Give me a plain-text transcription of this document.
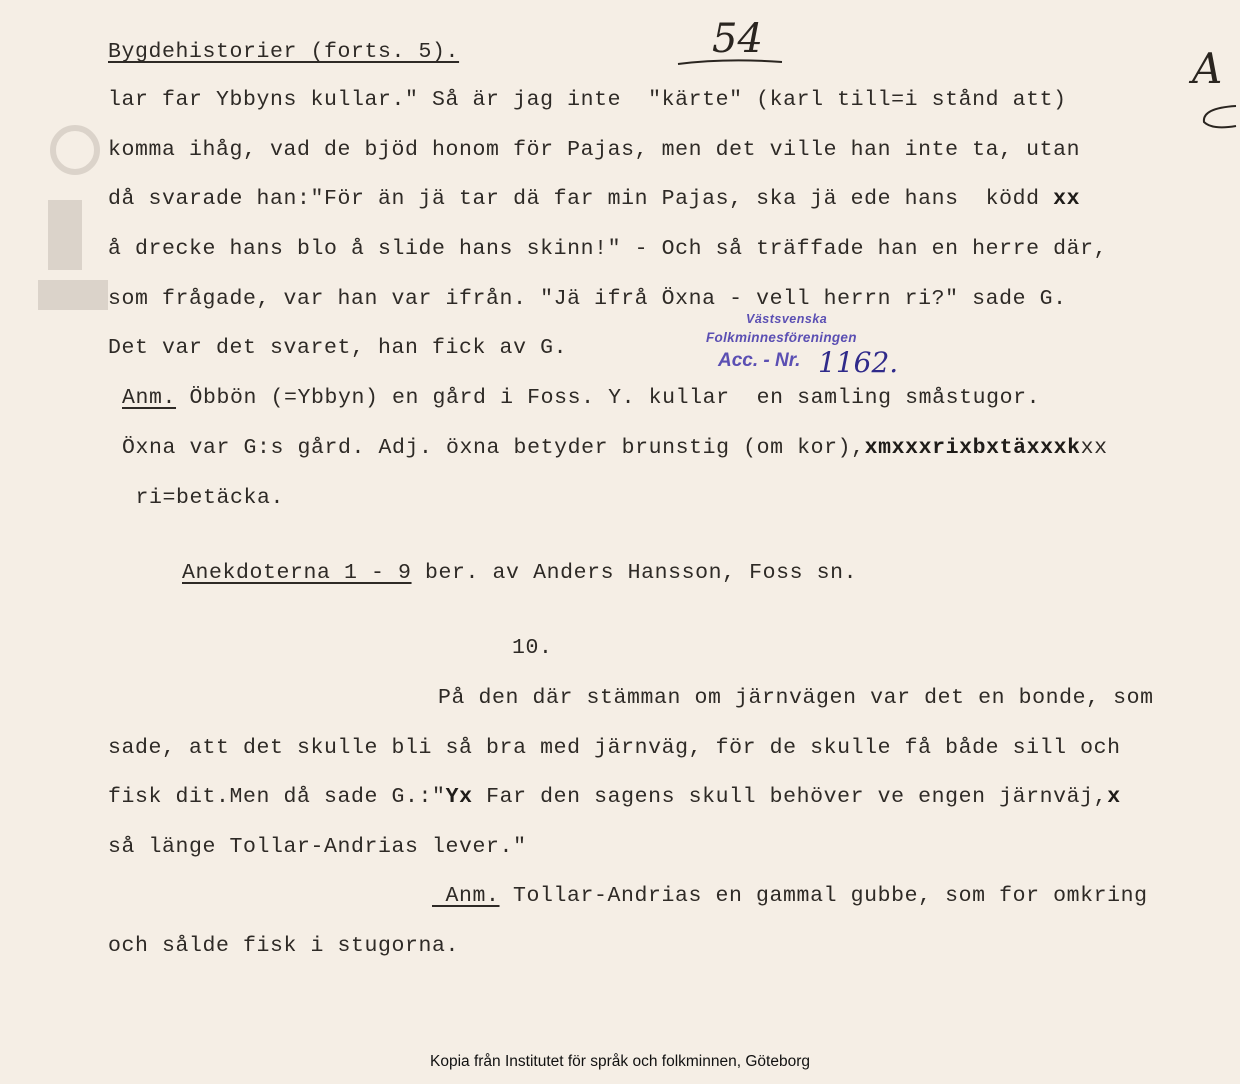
Bygdehistorier (forts. 5).	54
A
lar far Ybbyns kullar." Så är jag inte  "kärte" (karl till=i stånd att)
komma ihåg, vad de bjöd honom för Pajas, men det ville han inte ta, utan
då svarade han:"För än jä tar dä far min Pajas, ska jä ede hans  ködd xx
å drecke hans blo å slide hans skinn!" - Och så träffade han en herre där,
som frågade, var han var ifrån. "Jä ifrå Öxna - vell herrn ri?" sade G.
Det var det svaret, han fick av G.
Anm. Öbbön (=Ybbyn) en gård i Foss. Y. kullar  en samling småstugor.
Öxna var G:s gård. Adj. öxna betyder brunstig (om kor),xmxxxrixbxtäxxxkxx
ri=betäcka.
Anekdoterna 1 - 9 ber. av Anders Hansson, Foss sn.
10.
På den där stämman om järnvägen var det en bonde, som
sade, att det skulle bli så bra med järnväg, för de skulle få både sill och
fisk dit.Men då sade G.:"Yx Far den sagens skull behöver ve engen järnväj,x
så länge Tollar-Andrias lever."
Anm. Tollar-Andrias en gammal gubbe, som for omkring
och sålde fisk i stugorna.
Västsvenska
Folkminnesföreningen
Acc. - Nr. 1162.
Kopia från Institutet för språk och folkminnen, Göteborg
